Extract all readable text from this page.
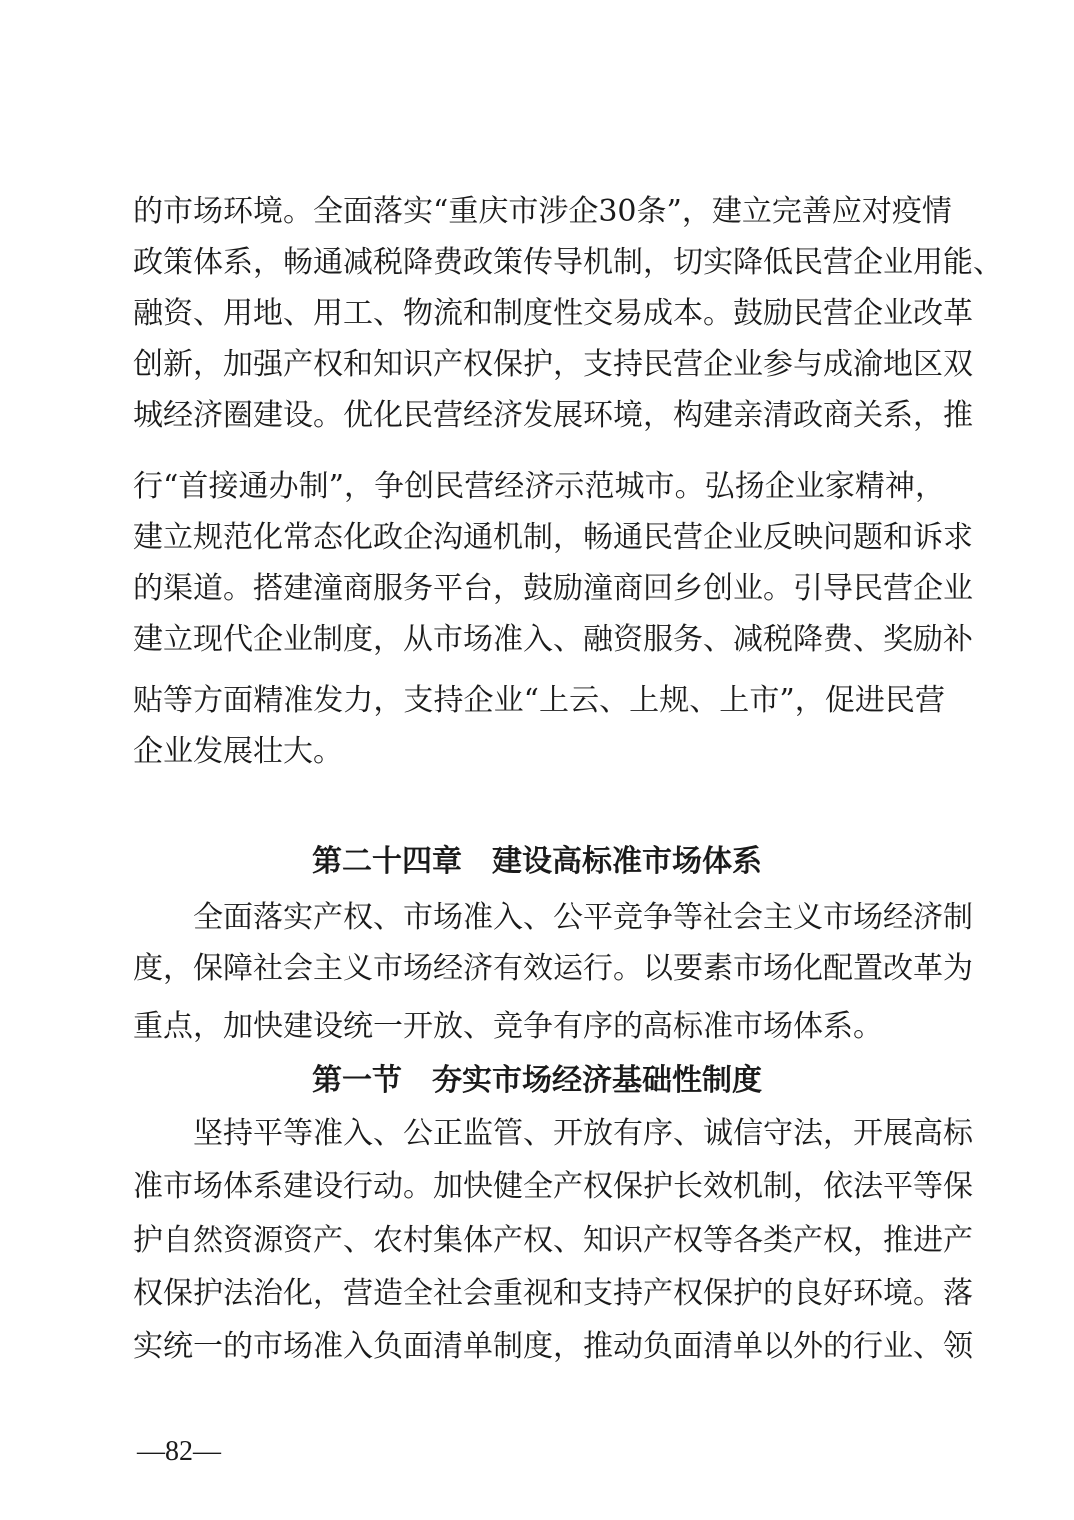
的市场环境。全面落实“重庆市涉企30条”，建立完善应对疫情
政策体系，畅通减税降费政策传导机制，切实降低民营企业用能、
融资、用地、用工、物流和制度性交易成本。鼓励民营企业改革
创新，加强产权和知识产权保护，支持民营企业参与成渝地区双
城经济圈建设。优化民营经济发展环境，构建亲清政商关系，推
行“首接通办制”，争创民营经济示范城市。弘扬企业家精神，
建立规范化常态化政企沟通机制，畅通民营企业反映问题和诉求
的渠道。搭建潼商服务平台，鼓励潼商回乡创业。引导民营企业
建立现代企业制度，从市场准入、融资服务、减税降费、奖励补
贴等方面精准发力，支持企业“上云、上规、上市”，促进民营
企业发展壮大。
第二十四章　建设高标准市场体系
全面落实产权、市场准入、公平竞争等社会主义市场经济制
度，保障社会主义市场经济有效运行。以要素市场化配置改革为
重点，加快建设统一开放、竞争有序的高标准市场体系。
第一节　夯实市场经济基础性制度
坚持平等准入、公正监管、开放有序、诚信守法，开展高标
准市场体系建设行动。加快健全产权保护长效机制，依法平等保
护自然资源资产、农村集体产权、知识产权等各类产权，推进产
权保护法治化，营造全社会重视和支持产权保护的良好环境。落
实统一的市场准入负面清单制度，推动负面清单以外的行业、领
—82—
